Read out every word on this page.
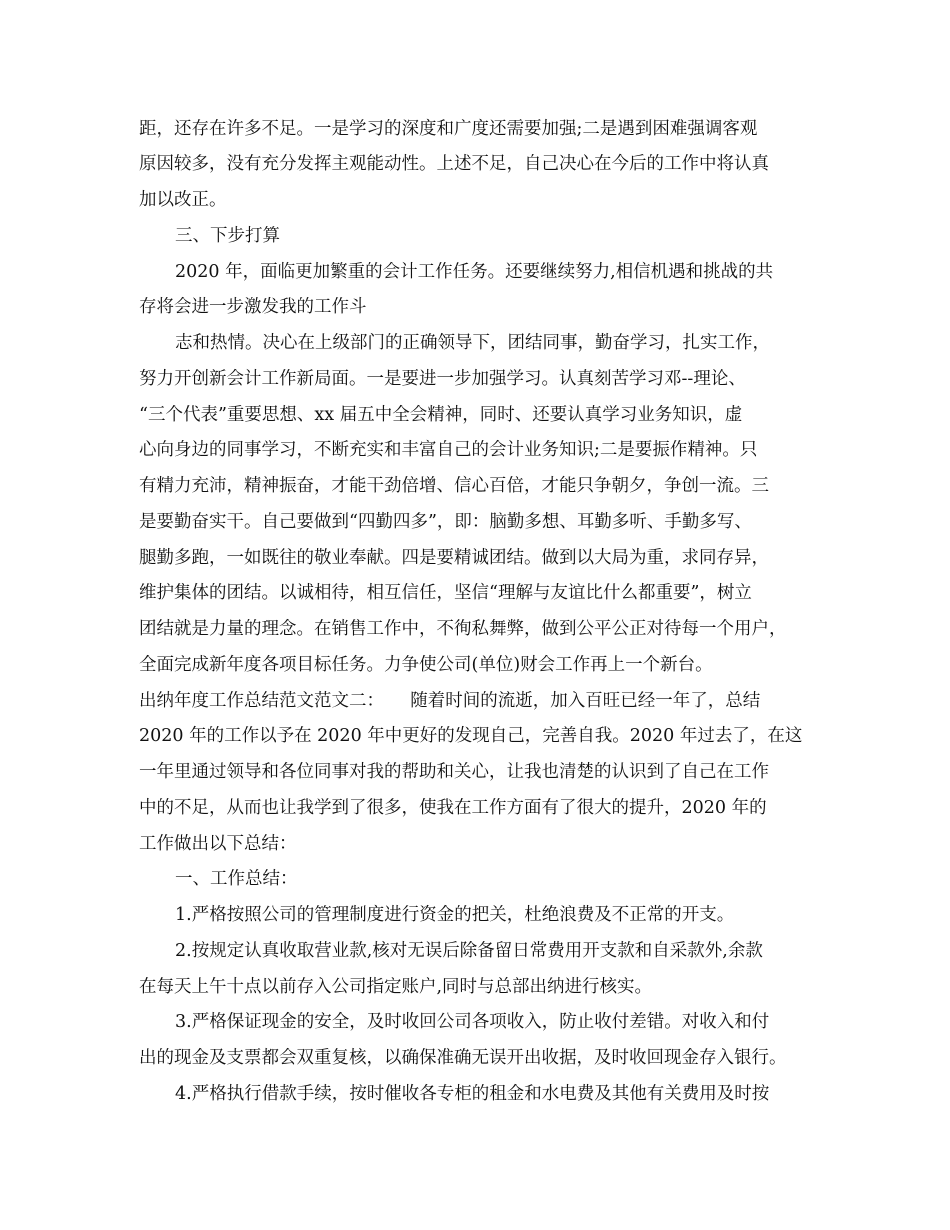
距，还存在许多不足。一是学习的深度和广度还需要加强;二是遇到困难强调客观

原因较多，没有充分发挥主观能动性。上述不足，自己决心在今后的工作中将认真

加以改正。

三、下步打算

2020 年，面临更加繁重的会计工作任务。还要继续努力,相信机遇和挑战的共

存将会进一步激发我的工作斗

志和热情。决心在上级部门的正确领导下，团结同事，勤奋学习，扎实工作，

努力开创新会计工作新局面。一是要进一步加强学习。认真刻苦学习邓--理论、

“三个代表”重要思想、xx 届五中全会精神，同时、还要认真学习业务知识，虚

心向身边的同事学习，不断充实和丰富自己的会计业务知识;二是要振作精神。只

有精力充沛，精神振奋，才能干劲倍增、信心百倍，才能只争朝夕，争创一流。三

是要勤奋实干。自己要做到“四勤四多”，即：脑勤多想、耳勤多听、手勤多写、

腿勤多跑，一如既往的敬业奉献。四是要精诚团结。做到以大局为重，求同存异，

维护集体的团结。以诚相待，相互信任，坚信“理解与友谊比什么都重要”，树立

团结就是力量的理念。在销售工作中，不徇私舞弊，做到公平公正对待每一个用户，

全面完成新年度各项目标任务。力争使公司(单位)财会工作再上一个新台。

出纳年度工作总结范文范文二：　　随着时间的流逝，加入百旺已经一年了，总结

2020 年的工作以予在 2020 年中更好的发现自己，完善自我。2020 年过去了，在这

一年里通过领导和各位同事对我的帮助和关心，让我也清楚的认识到了自己在工作

中的不足，从而也让我学到了很多，使我在工作方面有了很大的提升，2020 年的

工作做出以下总结：

一、工作总结：

1.严格按照公司的管理制度进行资金的把关，杜绝浪费及不正常的开支。

2.按规定认真收取营业款,核对无误后除备留日常费用开支款和自采款外,余款

在每天上午十点以前存入公司指定账户,同时与总部出纳进行核实。

3.严格保证现金的安全，及时收回公司各项收入，防止收付差错。对收入和付

出的现金及支票都会双重复核，以确保准确无误开出收据，及时收回现金存入银行。

4.严格执行借款手续，按时催收各专柜的租金和水电费及其他有关费用及时按
